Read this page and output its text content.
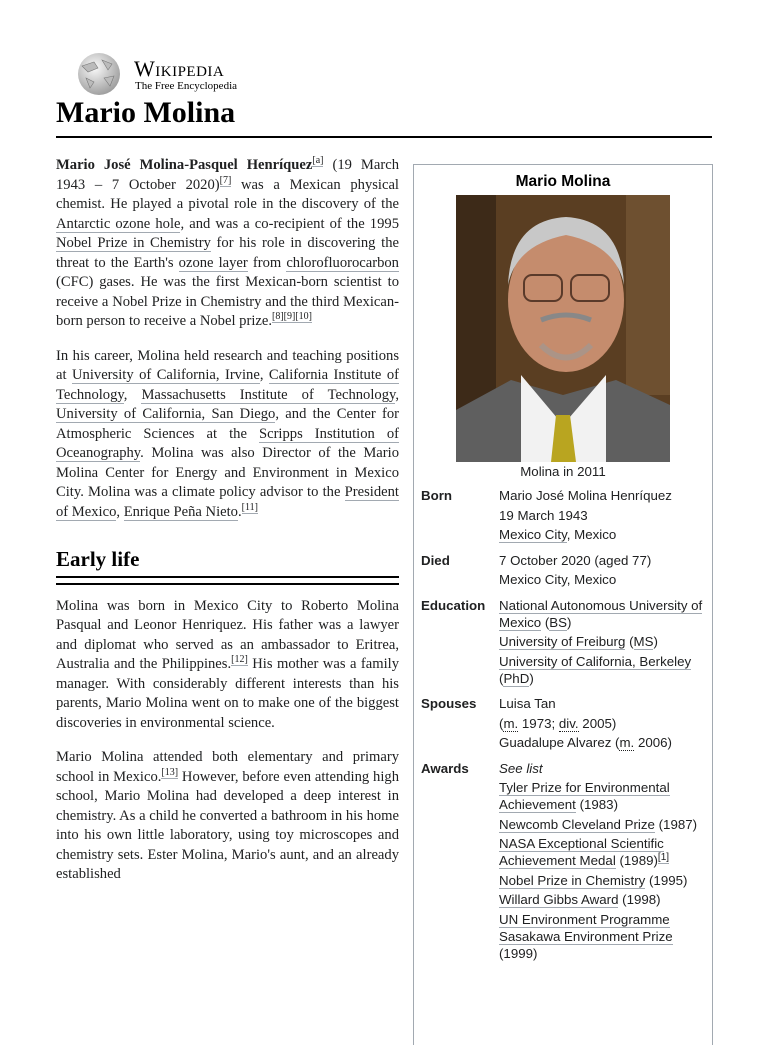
Wikipedia
The Free Encyclopedia
Mario Molina

Mario José Molina-Pasquel Henríquez[a] (19 March 1943 – 7 October 2020)[7] was a Mexican physical chemist. He played a pivotal role in the discovery of the Antarctic ozone hole, and was a co-recipient of the 1995 Nobel Prize in Chemistry for his role in discovering the threat to the Earth's ozone layer from chlorofluorocarbon (CFC) gases. He was the first Mexican-born scientist to receive a Nobel Prize in Chemistry and the third Mexican-born person to receive a Nobel prize.[8][9][10]

In his career, Molina held research and teaching positions at University of California, Irvine, California Institute of Technology, Massachusetts Institute of Technology, University of California, San Diego, and the Center for Atmospheric Sciences at the Scripps Institution of Oceanography. Molina was also Director of the Mario Molina Center for Energy and Environment in Mexico City. Molina was a climate policy advisor to the President of Mexico, Enrique Peña Nieto.[11]

Early life

Molina was born in Mexico City to Roberto Molina Pasqual and Leonor Henriquez. His father was a lawyer and diplomat who served as an ambassador to Eritrea, Australia and the Philippines.[12] His mother was a family manager. With considerably different interests than his parents, Mario Molina went on to make one of the biggest discoveries in environmental science.

Mario Molina attended both elementary and primary school in Mexico.[13] However, before even attending high school, Mario Molina had developed a deep interest in chemistry. As a child he converted a bathroom in his home into his own little laboratory, using toy microscopes and chemistry sets. Ester Molina, Mario's aunt, and an already established

Mario Molina
Molina in 2011
Born	Mario José Molina Henríquez
19 March 1943
Mexico City, Mexico
Died	7 October 2020 (aged 77)
Mexico City, Mexico
Education	National Autonomous University of Mexico (BS)
University of Freiburg (MS)
University of California, Berkeley (PhD)
Spouses	Luisa Tan
(m. 1973; div. 2005)
Guadalupe Alvarez (m. 2006)
Awards	See list
Tyler Prize for Environmental Achievement (1983)
Newcomb Cleveland Prize (1987)
NASA Exceptional Scientific Achievement Medal (1989)[1]
Nobel Prize in Chemistry (1995)
Willard Gibbs Award (1998)
UN Environment Programme Sasakawa Environment Prize (1999)
